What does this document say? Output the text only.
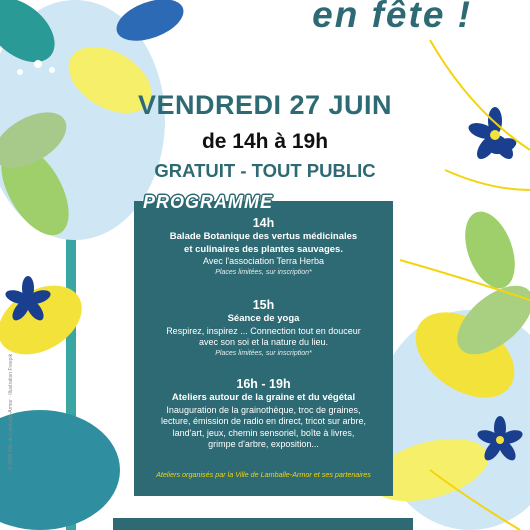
en fête !
VENDREDI 27 JUIN
de 14h à 19h
GRATUIT - TOUT PUBLIC
PROGRAMME
14h
Balade Botanique des vertus médicinales
et culinaires des plantes sauvages.
Avec l'association Terra Herba
Places limitées, sur inscription*
15h
Séance de yoga
Respirez, inspirez ... Connection tout en douceur
avec son soi et la nature du lieu.
Places limitées, sur inscription*
16h - 19h
Ateliers autour de la graine et du végétal
Inauguration de la grainothèque, troc de graines,
lecture, émission de radio en direct, tricot sur arbre,
land'art, jeux, chemin sensoriel, boîte à livres,
grimpe d'arbre, exposition...
Ateliers organisés par la Ville de Lamballe-Armor et ses partenaires
© 2025 Ville de Lamballe-Armor · Illustration Freepik
